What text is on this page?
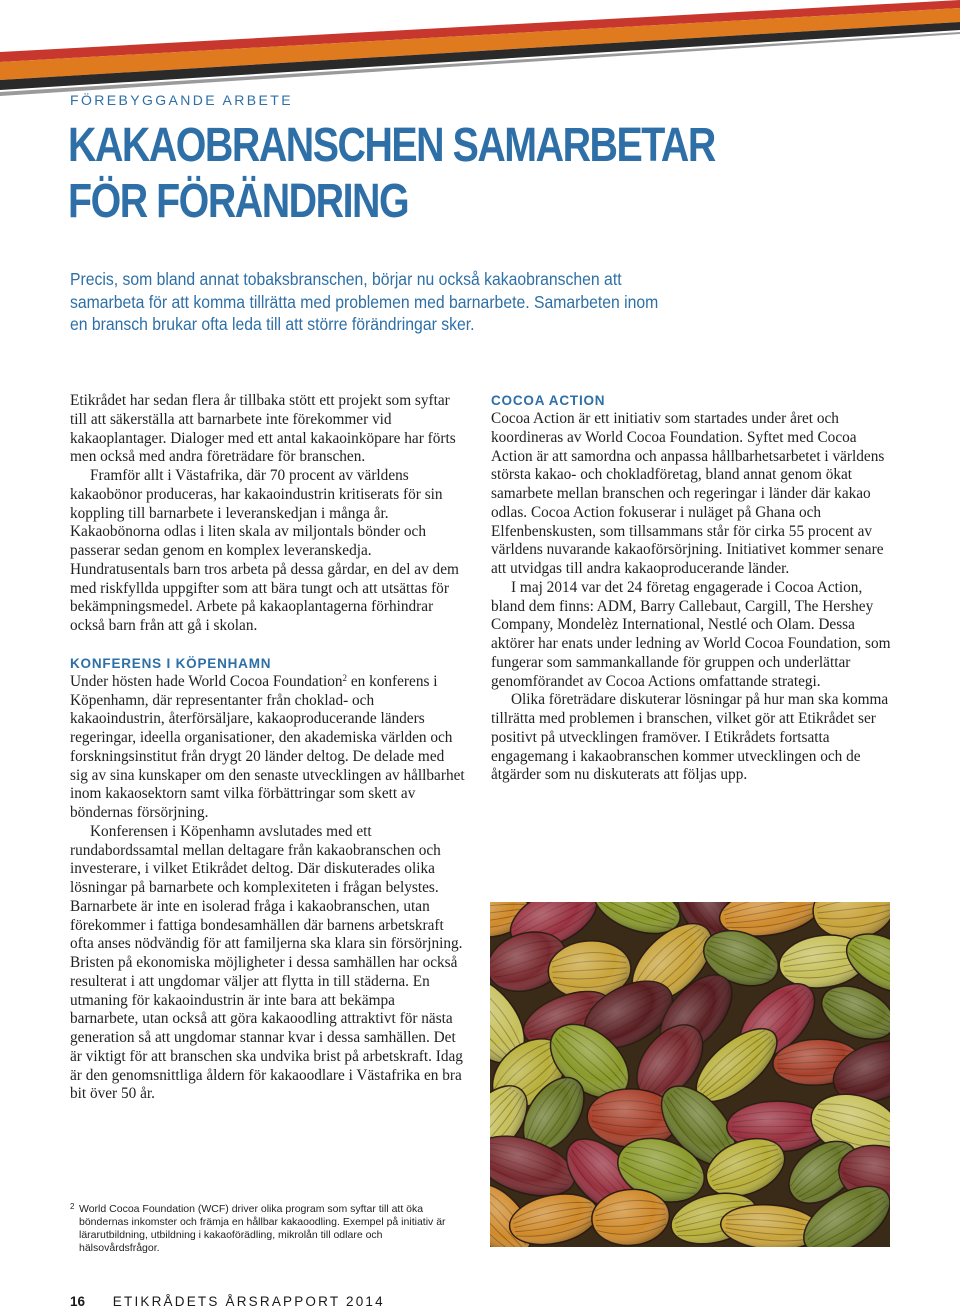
FÖREBYGGANDE ARBETE
KAKAOBRANSCHEN SAMARBETAR
FÖR FÖRÄNDRING

Precis, som bland annat tobaksbranschen, börjar nu också kakaobranschen att samarbeta för att komma tillrätta med problemen med barnarbete. Samarbeten inom en bransch brukar ofta leda till att större förändringar sker.

Etikrådet har sedan flera år tillbaka stött ett projekt som syftar till att säkerställa att barnarbete inte förekommer vid kakaoplantager. Dialoger med ett antal kakaoinköpare har förts men också med andra företrädare för branschen.

Framför allt i Västafrika, där 70 procent av världens kakaobönor produceras, har kakaoindustrin kritiserats för sin koppling till barnarbete i leveranskedjan i många år. Kakaobönorna odlas i liten skala av miljontals bönder och passerar sedan genom en komplex leveranskedja. Hundratusentals barn tros arbeta på dessa gårdar, en del av dem med riskfyllda uppgifter som att bära tungt och att utsättas för bekämpningsmedel. Arbete på kakaoplantagerna förhindrar också barn från att gå i skolan.

KONFERENS I KÖPENHAMN

Under hösten hade World Cocoa Foundation$^2$ en konferens i Köpenhamn, där representanter från choklad- och kakaoindustrin, återförsäljare, kakaoproducerande länders regeringar, ideella organisationer, den akademiska världen och forskningsinstitut från drygt 20 länder deltog. De delade med sig av sina kunskaper om den senaste utvecklingen av hållbarhet inom kakaosektorn samt vilka förbättringar som skett av böndernas försörjning.

Konferensen i Köpenhamn avslutades med ett rundabordssamtal mellan deltagare från kakaobranschen och investerare, i vilket Etikrådet deltog. Där diskuterades olika lösningar på barnarbete och komplexiteten i frågan belystes. Barnarbete är inte en isolerad fråga i kakaobranschen, utan förekommer i fattiga bondesamhällen där barnens arbetskraft ofta anses nödvändig för att familjerna ska klara sin försörjning. Bristen på ekonomiska möjligheter i dessa samhällen har också resulterat i att ungdomar väljer att flytta in till städerna. En utmaning för kakaoindustrin är inte bara att bekämpa barnarbete, utan också att göra kakaoodling attraktivt för nästa generation så att ungdomar stannar kvar i dessa samhällen. Det är viktigt för att branschen ska undvika brist på arbetskraft. Idag är den genomsnittliga åldern för kakaoodlare i Västafrika en bra bit över 50 år.

COCOA ACTION

Cocoa Action är ett initiativ som startades under året och koordineras av World Cocoa Foundation. Syftet med Cocoa Action är att samordna och anpassa hållbarhetsarbetet i världens största kakao- och chokladföretag, bland annat genom ökat samarbete mellan branschen och regeringar i länder där kakao odlas. Cocoa Action fokuserar i nuläget på Ghana och Elfenbenskusten, som tillsammans står för cirka 55 procent av världens nuvarande kakaoförsörjning. Initiativet kommer senare att utvidgas till andra kakaoproducerande länder.

I maj 2014 var det 24 företag engagerade i Cocoa Action, bland dem finns: ADM, Barry Callebaut, Cargill, The Hershey Company, Mondelèz International, Nestlé och Olam. Dessa aktörer har enats under ledning av World Cocoa Foundation, som fungerar som sammankallande för gruppen och underlättar genomförandet av Cocoa Actions omfattande strategi.

Olika företrädare diskuterar lösningar på hur man ska komma tillrätta med problemen i branschen, vilket gör att Etikrådet ser positivt på utvecklingen framöver. I Etikrådets fortsatta engagemang i kakaobranschen kommer utvecklingen och de åtgärder som nu diskuterats att följas upp.

2 World Cocoa Foundation (WCF) driver olika program som syftar till att öka böndernas inkomster och främja en hållbar kakaoodling. Exempel på initiativ är lärarutbildning, utbildning i kakaoförädling, mikrolån till odlare och hälsovårdsfrågor.
16 ETIKRÅDETS ÅRSRAPPORT 2014
